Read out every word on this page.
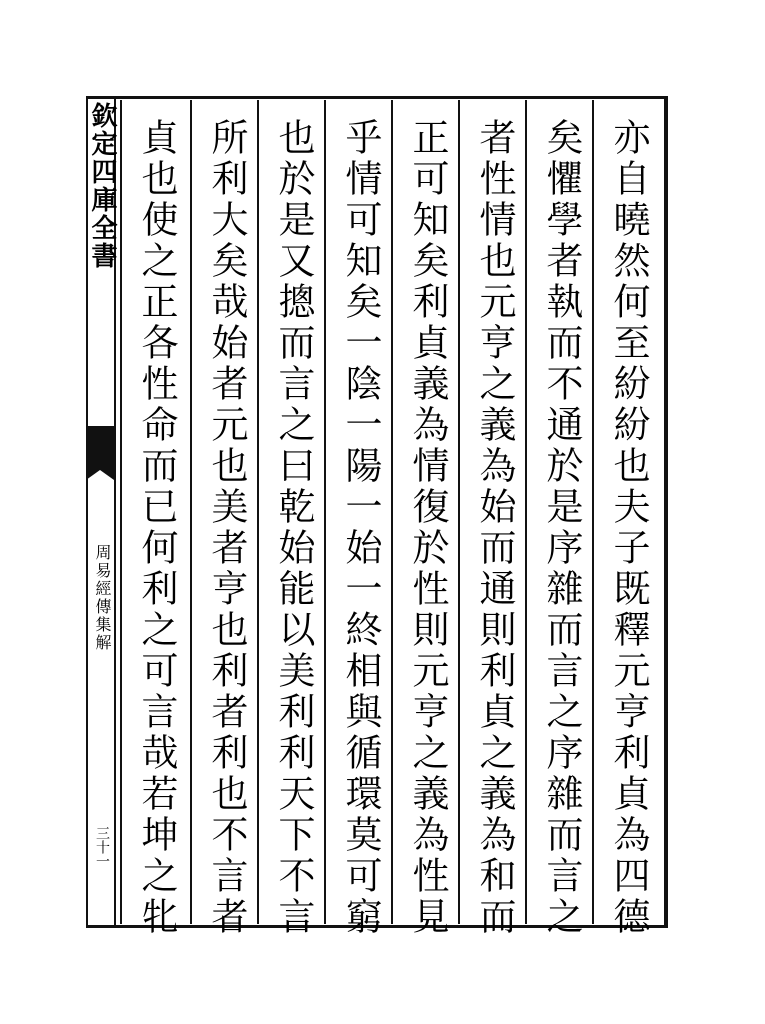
欽定四庫全書
周易經傳集解
三十一	亦自曉然何至紛紛也夫子既釋元亨利貞為四德
矣懼學者執而不通於是序雜而言之序雜而言之
者性情也元亨之義為始而通則利貞之義為和而
正可知矣利貞義為情復於性則元亨之義為性見
乎情可知矣一陰一陽一始一終相與循環莫可窮
也於是又摠而言之曰乾始能以美利利天下不言
所利大矣哉始者元也美者亨也利者利也不言者
貞也使之正各性命而已何利之可言哉若坤之牝
